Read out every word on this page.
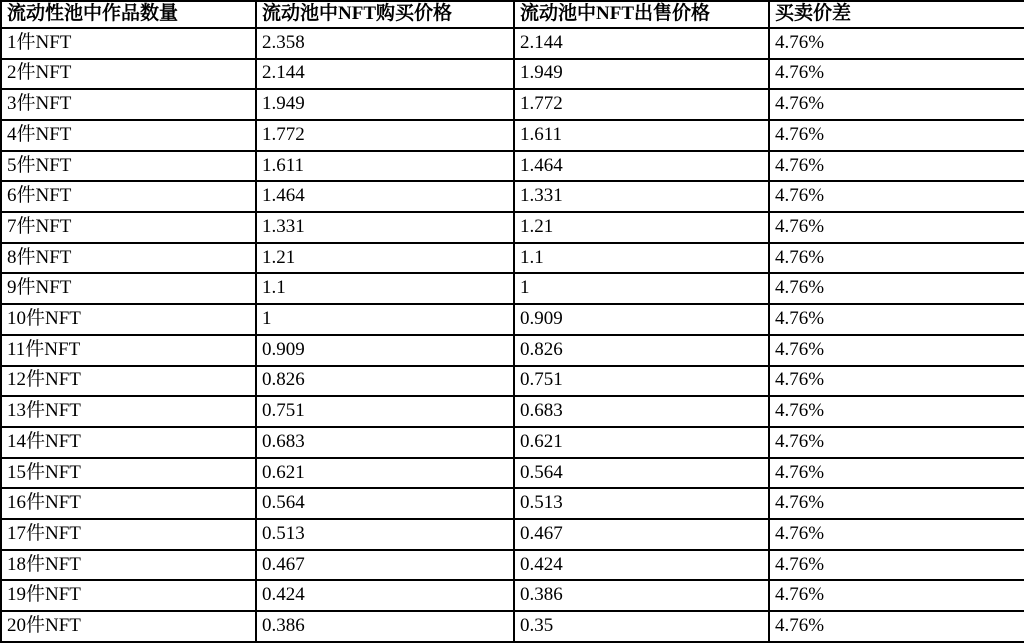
流动性池中作品数量	流动池中NFT购买价格	流动池中NFT出售价格	买卖价差
1件NFT	2.358	2.144	4.76%
2件NFT	2.144	1.949	4.76%
3件NFT	1.949	1.772	4.76%
4件NFT	1.772	1.611	4.76%
5件NFT	1.611	1.464	4.76%
6件NFT	1.464	1.331	4.76%
7件NFT	1.331	1.21	4.76%
8件NFT	1.21	1.1	4.76%
9件NFT	1.1	1	4.76%
10件NFT	1	0.909	4.76%
11件NFT	0.909	0.826	4.76%
12件NFT	0.826	0.751	4.76%
13件NFT	0.751	0.683	4.76%
14件NFT	0.683	0.621	4.76%
15件NFT	0.621	0.564	4.76%
16件NFT	0.564	0.513	4.76%
17件NFT	0.513	0.467	4.76%
18件NFT	0.467	0.424	4.76%
19件NFT	0.424	0.386	4.76%
20件NFT	0.386	0.35	4.76%
